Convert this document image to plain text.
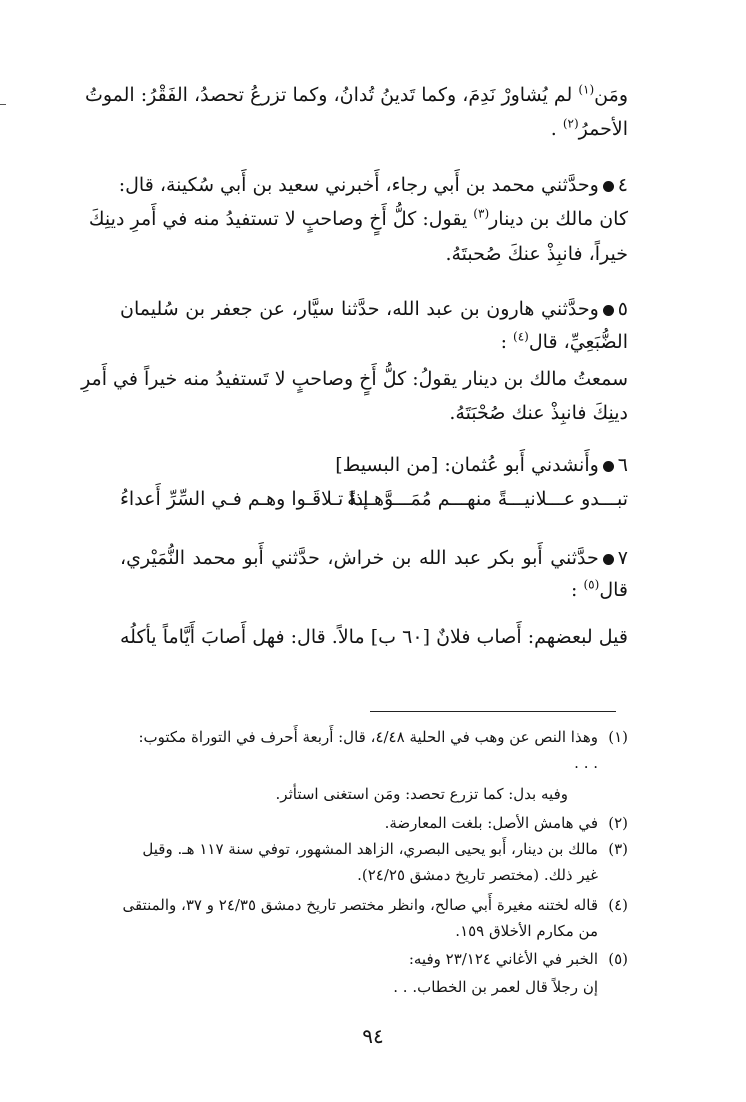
ومَن$^{(١)}$ لم يُشاورْ نَدِمَ، وكما تَدينُ تُدانُ، وكما تزرعُ تحصدُ، الفَقْرُ: الموتُ
الأحمرُ$^{(٢)}$ .
٤وحدَّثني محمد بن أَبي رجاء، أَخبرني سعيد بن أَبي سُكينة، قال:
كان مالك بن دينار$^{(٣)}$ يقول: كلُّ أَخٍ وصاحبٍ لا تستفيدُ منه في أَمرِ دينِكَ
خيراً، فانبِذْ عنكَ صُحبتَهُ.
٥وحدَّثني هارون بن عبد الله، حدَّثنا سيَّار، عن جعفر بن سُليمان
الضُّبَعِيِّ، قال$^{(٤)}$ :
سمعتُ مالك بن دينار يقولُ: كلُّ أَخٍ وصاحبٍ لا تَستفيدُ منه خيراً في أَمرِ
دينِكَ فانبِذْ عنك صُحْبَتَهُ.
٦وأَنشدني أَبو عُثمان: [من البسيط]
تبـــدو عـــلانيـــةً منهـــم مُمَـــوَّهـــةً
إذا تـلاقَـوا وهـم فـي السِّرِّ أَعداءُ
٧حدَّثني أَبو بكر عبد الله بن خراش، حدَّثني أَبو محمد النُّمَيْري،
قال$^{(٥)}$ :
قيل لبعضهم: أَصاب فلانٌ [٦٠ ب] مالاً. قال: فهل أَصابَ أَيَّاماً يأكلُه
(١)
وهذا النص عن وهب في الحلية ٤/٤٨، قال: أَربعة أَحرف في التوراة مكتوب:
. . .
وفيه بدل: كما تزرع تحصد: ومَن استغنى استأثر.
(٢)
في هامش الأصل: بلغت المعارضة.
(٣)
مالك بن دينار، أَبو يحيى البصري، الزاهد المشهور، توفي سنة ١١٧ هـ. وقيل
غير ذلك. (مختصر تاريخ دمشق ٢٤/٢٥).
(٤)
قاله لختنه مغيرة أَبي صالح، وانظر مختصر تاريخ دمشق ٢٤/٣٥ و ٣٧، والمنتقى
من مكارم الأخلاق ١٥٩.
(٥)
الخبر في الأغاني ٢٣/١٢٤ وفيه:
إن رجلاً قال لعمر بن الخطاب. . .
٩٤
